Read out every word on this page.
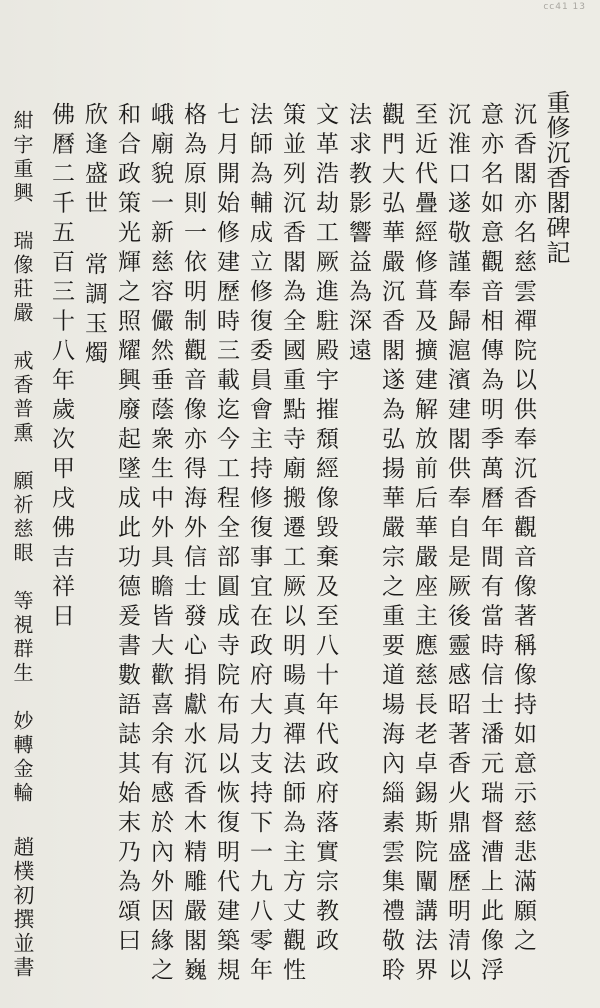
cc41 13
重修沉香閣碑記
沉香閣亦名慈雲禪院以供奉沉香觀音像著稱像持如意示慈悲滿願之
意亦名如意觀音相傳為明季萬曆年間有當時信士潘元瑞督漕上此像浮
沉淮口遂敬謹奉歸滬濱建閣供奉自是厥後靈感昭著香火鼎盛歷明清以
至近代疊經修葺及擴建解放前后華嚴座主應慈長老卓錫斯院闡講法界
觀門大弘華嚴沉香閣遂為弘揚華嚴宗之重要道場海內緇素雲集禮敬聆
法求教影響益為深遠
文革浩劫工厥進駐殿宇摧頹經像毀棄及至八十年代政府落實宗教政
策並列沉香閣為全國重點寺廟搬遷工厥以明暘真禪法師為主方丈觀性
法師為輔成立修復委員會主持修復事宜在政府大力支持下一九八零年
七月開始修建歷時三載迄今工程全部圓成寺院布局以恢復明代建築規
格為原則一依明制觀音像亦得海外信士發心捐獻水沉香木精雕嚴閣巍
峨廟貌一新慈容儼然垂蔭衆生中外具瞻皆大歡喜余有感於內外因緣之
和合政策光輝之照耀興廢起墜成此功德爰書數語誌其始末乃為頌曰
欣逢盛世
常調玉燭
佛曆二千五百三十八年歲次甲戌佛吉祥日
紺宇重興
瑞像莊嚴
戒香普熏
願祈慈眼
等視群生
妙轉金輪
趙樸初撰並書
